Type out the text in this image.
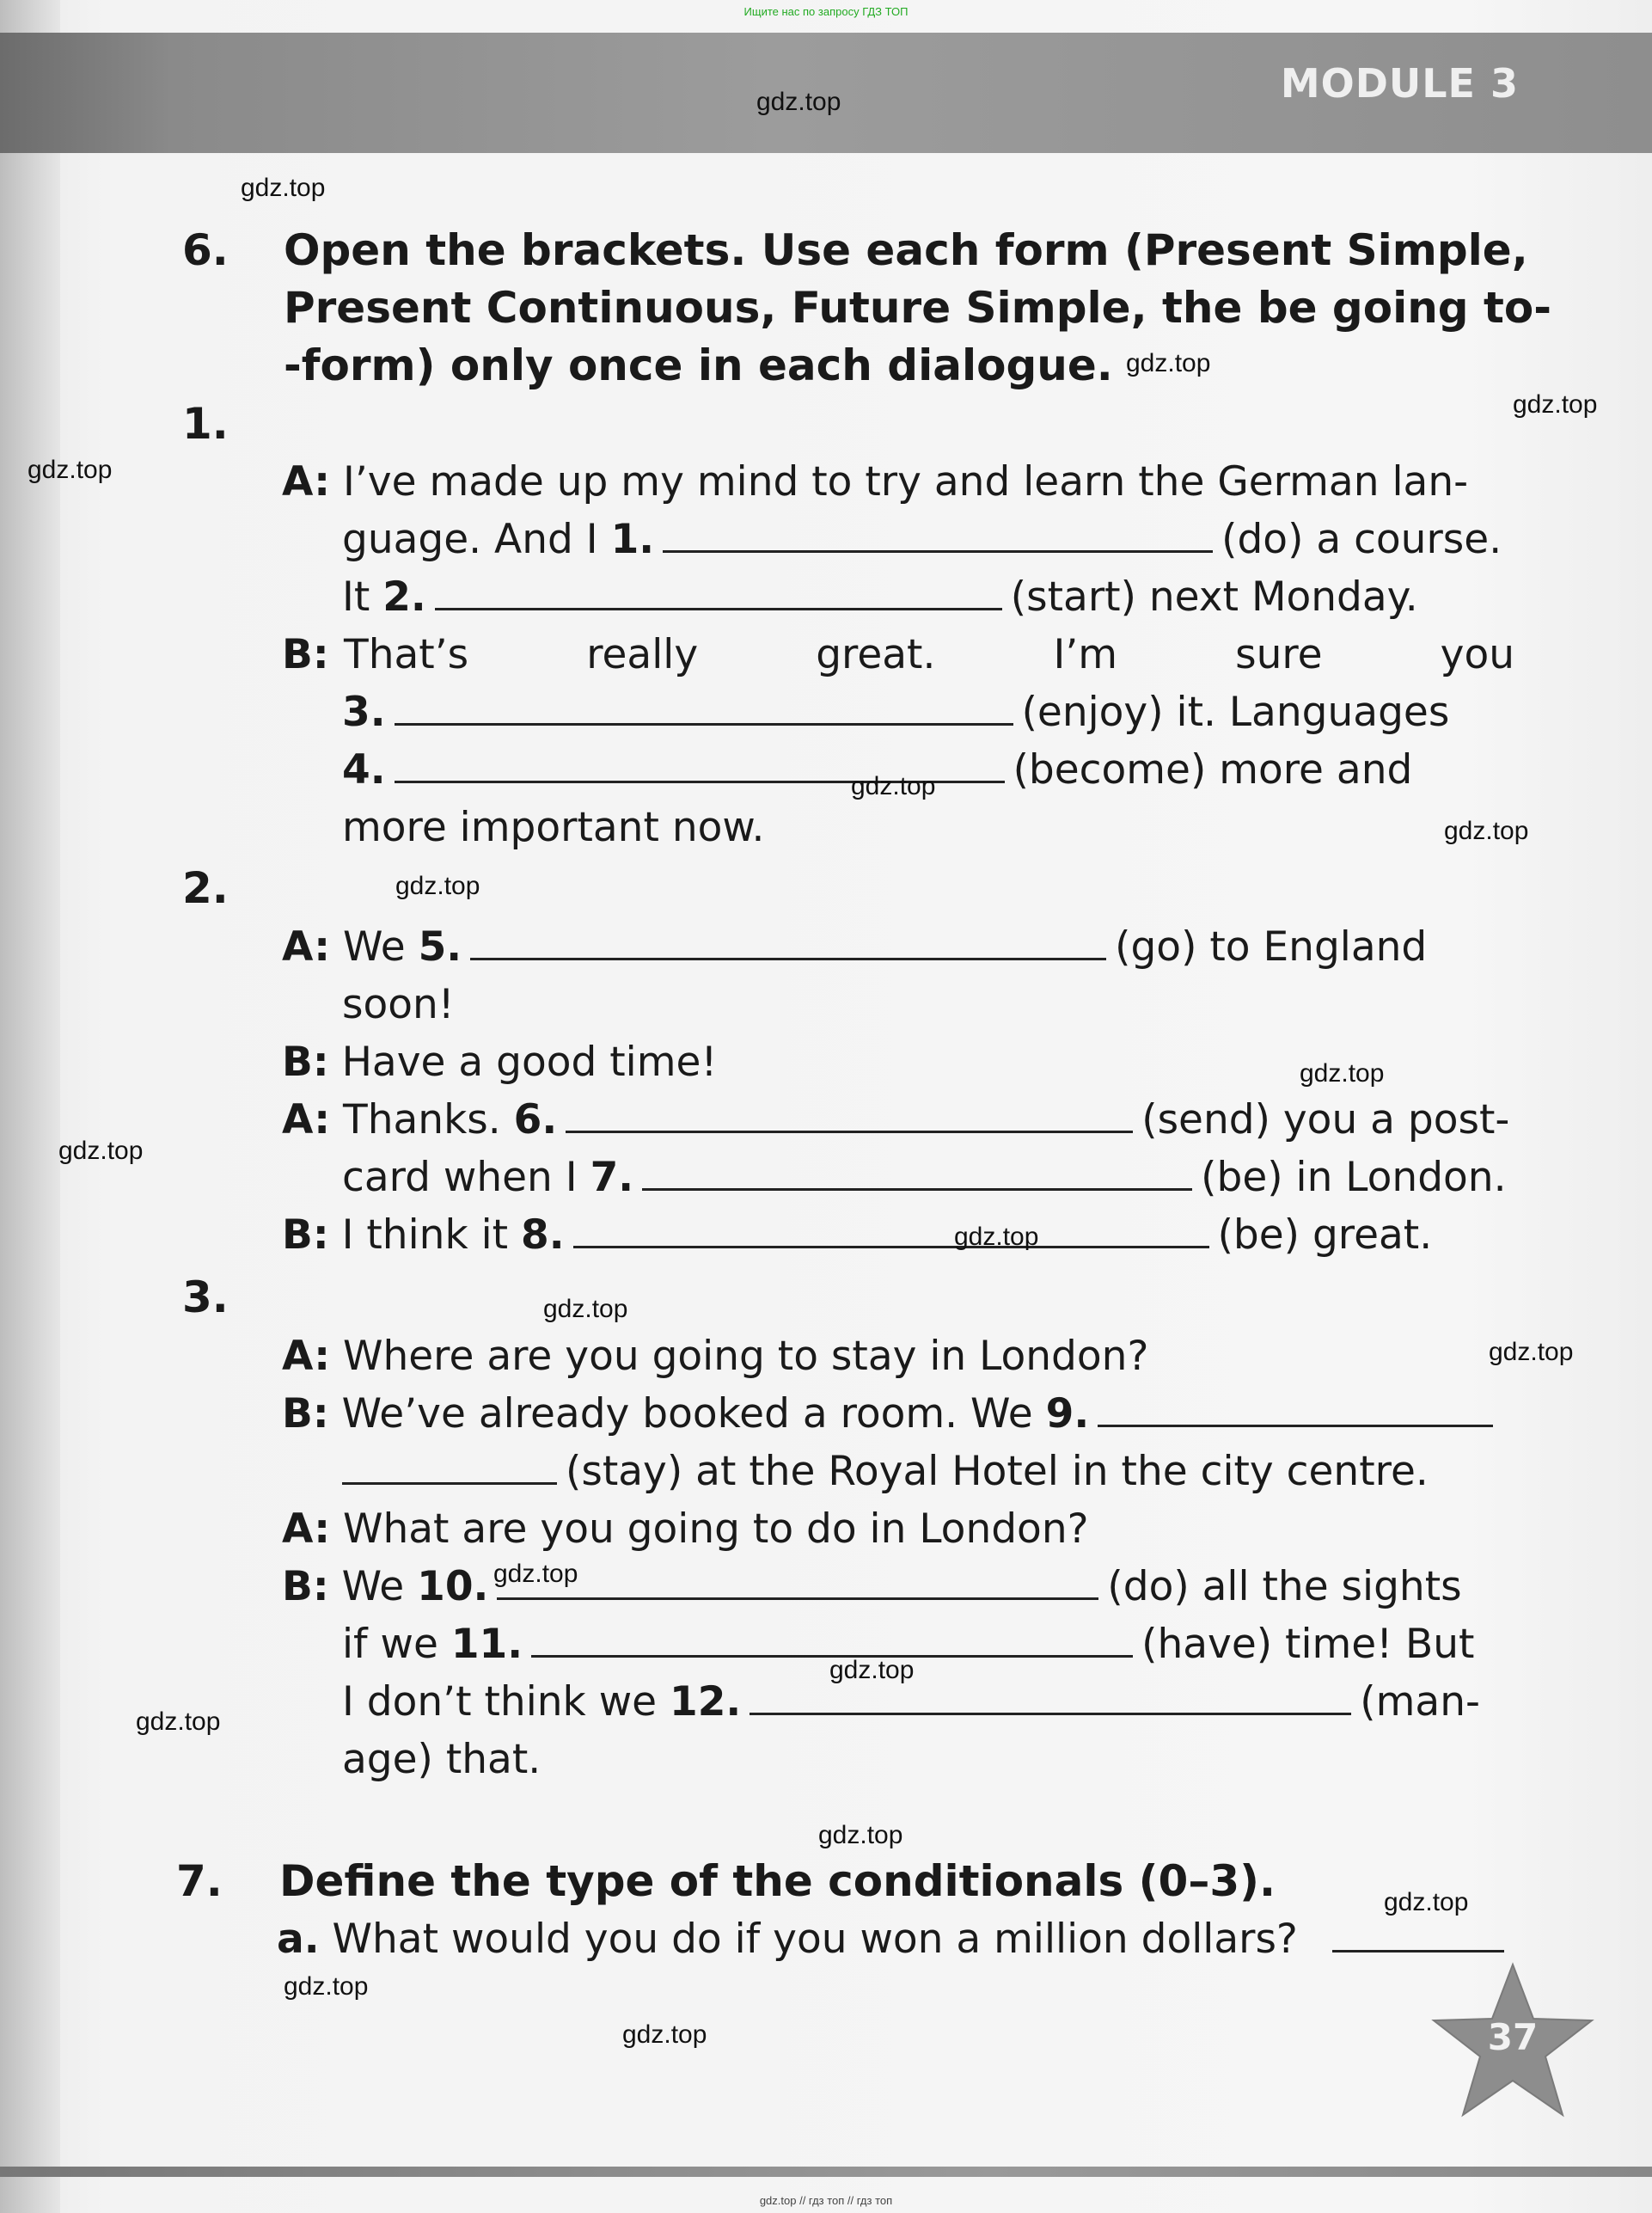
MODULE 3
Ищите нас по запросу ГДЗ ТОП
6. Open the brackets. Use each form (Present Simple,
Present Continuous, Future Simple, the be going to-
-form) only once in each dialogue.
1.
A: I’ve made up my mind to try and learn the German lan-
guage. And I 1.	(do) a course.
It 2.	(start) next Monday.
B: That’s	really	great.	I’m	sure	you
3.	(enjoy) it. Languages
4.	(become) more and
more important now.
2.
A: We 5.	(go) to England
soon!
B: Have a good time!
A: Thanks. 6.	(send) you a post-
card when I 7.	(be) in London.
B: I think it 8.	(be) great.
3.
A: Where are you going to stay in London?
B: We’ve already booked a room. We 9.
(stay) at the Royal Hotel in the city centre.
A: What are you going to do in London?
B: We 10.	(do) all the sights
if we 11.	(have) time! But
I don’t think we 12.	(man-
age) that.
7. Define the type of the conditionals (0–3).
a. What would you do if you won a million dollars?
gdz.top
gdz.top
gdz.top
gdz.top
gdz.top
gdz.top
gdz.top
gdz.top
gdz.top
gdz.top
gdz.top
gdz.top
gdz.top
gdz.top
gdz.top
gdz.top
gdz.top
gdz.top
gdz.top
gdz.top	37
gdz.top // гдз топ // гдз топ
